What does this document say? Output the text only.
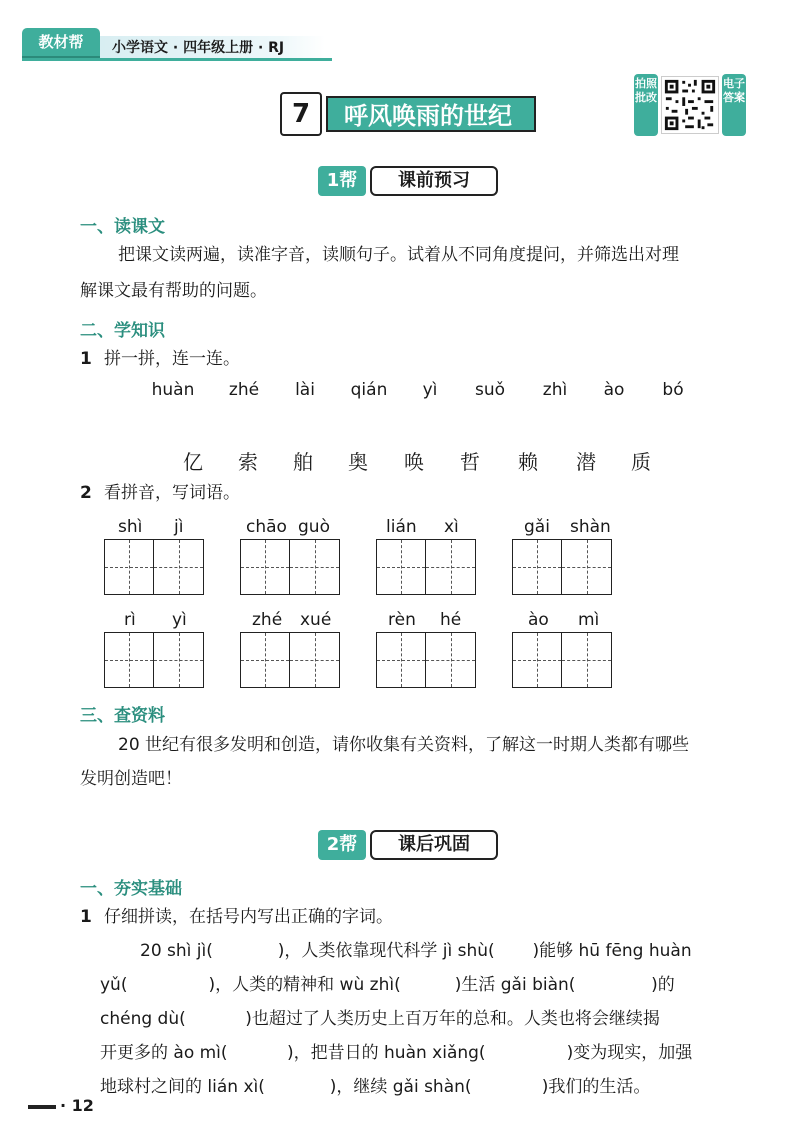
教材帮	小学语文 · 四年级上册 · RJ
拍照批改
电子答案
7	呼风唤雨的世纪
1帮	课前预习
一、读课文
把课文读两遍，读准字音，读顺句子。试着从不同角度提问，并筛选出对理
解课文最有帮助的问题。
二、学知识
1 拼一拼，连一连。
huàn zhé lài qián yì suǒ zhì ào bó
亿 索 舶 奥 唤 哲 赖 潜 质
2 看拼音，写词语。
shì jì	chāo guò	lián xì	gǎi shàn
rì yì	zhé xué	rèn hé	ào mì
三、查资料
20 世纪有很多发明和创造，请你收集有关资料，了解这一时期人类都有哪些
发明创造吧！
2帮	课后巩固
一、夯实基础
1 仔细拼读，在括号内写出正确的字词。
20 shì jì(            )，人类依靠现代科学 jì shù(       )能够 hū fēng huàn
yǔ(               )，人类的精神和 wù zhì(          )生活 gǎi biàn(              )的
chéng dù(           )也超过了人类历史上百万年的总和。人类也将会继续揭
开更多的 ào mì(           )，把昔日的 huàn xiǎng(               )变为现实，加强
地球村之间的 lián xì(            )，继续 gǎi shàn(             )我们的生活。
· 12
